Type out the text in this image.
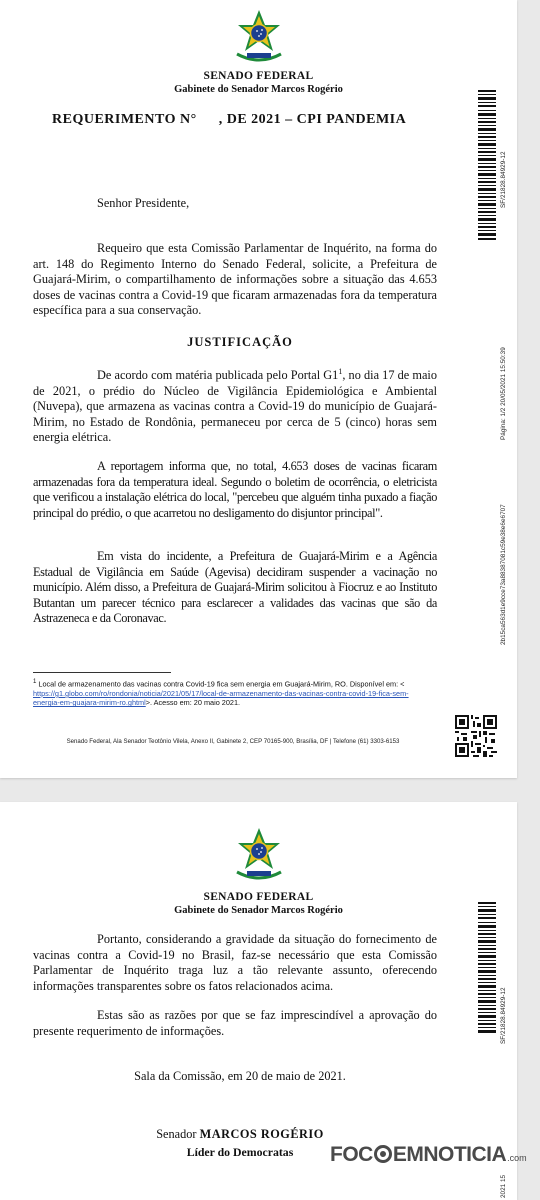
SENADO FEDERAL
Gabinete do Senador Marcos Rogério
REQUERIMENTO N° , DE 2021 – CPI PANDEMIA
Senhor Presidente,
Requeiro que esta Comissão Parlamentar de Inquérito, na forma do art. 148 do Regimento Interno do Senado Federal, solicite, a Prefeitura de Guajará-Mirim, o compartilhamento de informações sobre a situação das 4.653 doses de vacinas contra a Covid-19 que ficaram armazenadas fora da temperatura específica para a sua conservação.
JUSTIFICAÇÃO
De acordo com matéria publicada pelo Portal $G1^1$, no dia 17 de maio de 2021, o prédio do Núcleo de Vigilância Epidemiológica e Ambiental (Nuvepa), que armazena as vacinas contra a Covid-19 do município de Guajará-Mirim, no Estado de Rondônia, permaneceu por cerca de 5 (cinco) horas sem energia elétrica.
A reportagem informa que, no total, 4.653 doses de vacinas ficaram armazenadas fora da temperatura ideal. Segundo o boletim de ocorrência, o eletricista que verificou a instalação elétrica do local, "percebeu que alguém tinha puxado a fiação principal do prédio, o que acarretou no desligamento do disjuntor principal".
Em vista do incidente, a Prefeitura de Guajará-Mirim e a Agência Estadual de Vigilância em Saúde (Agevisa) decidiram suspender a vacinação no município. Além disso, a Prefeitura de Guajará-Mirim solicitou à Fiocruz e ao Instituto Butantan um parecer técnico para esclarecer a validades das vacinas que são da Astrazeneca e da Coronavac.
$^1$ Local de armazenamento das vacinas contra Covid-19 fica sem energia em Guajará-Mirim, RO. Disponível em: < https://g1.globo.com/ro/rondonia/noticia/2021/05/17/local-de-armazenamento-das-vacinas-contra-covid-19-fica-sem-energia-em-guajara-mirim-ro.ghtml>. Acesso em: 20 maio 2021.
Senado Federal, Ala Senador Teotônio Vilela, Anexo II, Gabinete 2, CEP 70165-900, Brasília, DF | Telefone (61) 3303-6153
SF/21828.84929-12
Página: 1/2 20/05/2021 15:50:39
2b15ca563d1e9cce73a88387081c59e38e6e6707
SENADO FEDERAL
Gabinete do Senador Marcos Rogério
Portanto, considerando a gravidade da situação do fornecimento de vacinas contra a Covid-19 no Brasil, faz-se necessário que esta Comissão Parlamentar de Inquérito traga luz a tão relevante assunto, oferecendo informações transparentes sobre os fatos relacionados acima.
Estas são as razões por que se faz imprescindível a aprovação do presente requerimento de informações.
Sala da Comissão, em 20 de maio de 2021.
Senador MARCOS ROGÉRIO
Líder do Democratas
SF/21828.84929-12
2021 15
FOC EMNOTICIA.com
